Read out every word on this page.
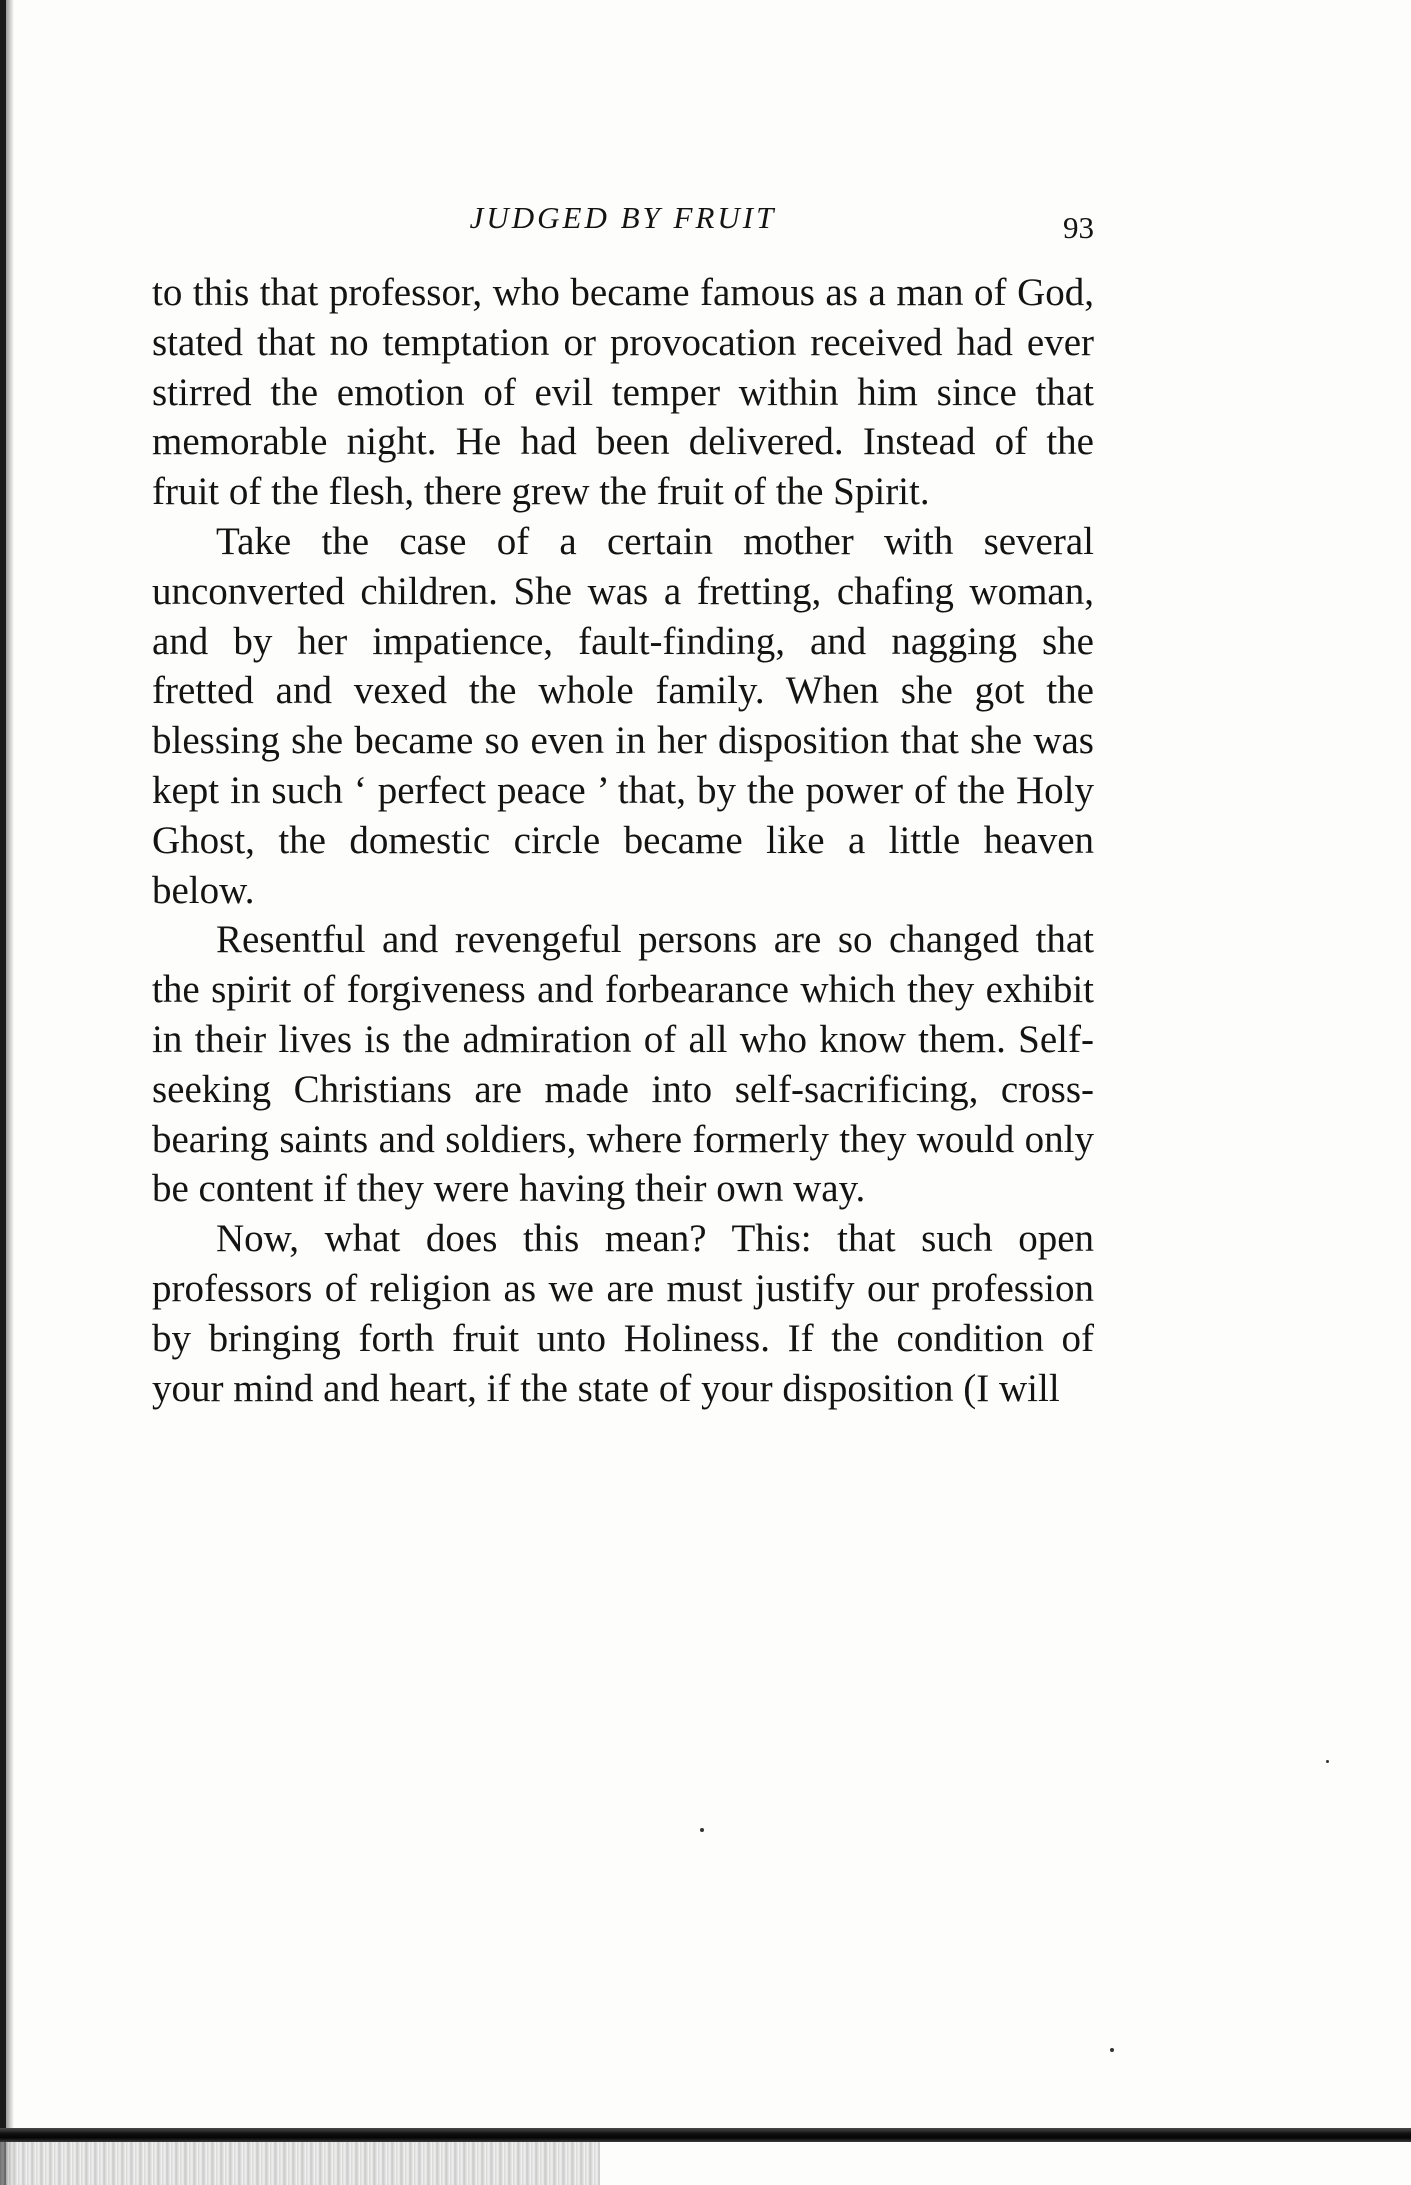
JUDGED BY FRUIT	93

to this that professor, who became famous as a man of God, stated that no temptation or provocation received had ever stirred the emotion of evil temper within him since that memorable night. He had been delivered. Instead of the fruit of the flesh, there grew the fruit of the Spirit.

Take the case of a certain mother with several unconverted children. She was a fretting, chafing woman, and by her impatience, fault-finding, and nagging she fretted and vexed the whole family. When she got the blessing she became so even in her disposition that she was kept in such ‘ perfect peace ’ that, by the power of the Holy Ghost, the domestic circle became like a little heaven below.

Resentful and revengeful persons are so changed that the spirit of forgiveness and forbearance which they exhibit in their lives is the admiration of all who know them. Self-seeking Christians are made into self-sacrificing, cross-bearing saints and soldiers, where formerly they would only be content if they were having their own way.

Now, what does this mean? This: that such open professors of religion as we are must justify our profession by bringing forth fruit unto Holiness. If the condition of your mind and heart, if the state of your disposition (I will
